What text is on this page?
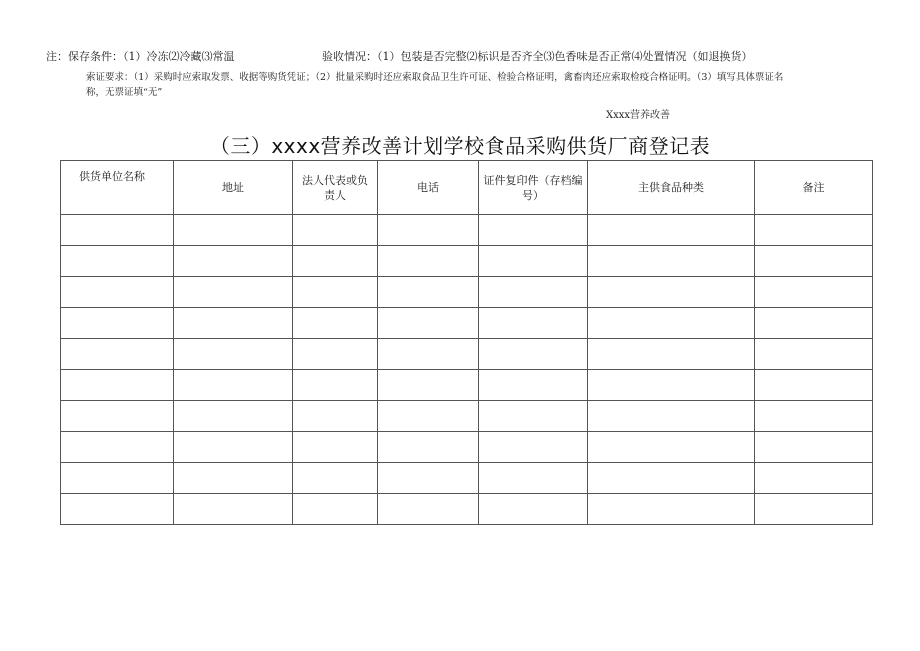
注：保存条件：（1）冷冻⑵冷藏⑶常温	验收情况：（1）包装是否完整⑵标识是否齐全⑶色香味是否正常⑷处置情况（如退换货）

索证要求：（1）采购时应索取发票、收据等购货凭证；（2）批量采购时还应索取食品卫生许可证、检验合格证明，禽畜肉还应索取检疫合格证明。（3）填写具体票证名

称，无票证填“无”

Xxxx营养改善
（三）xxxx营养改善计划学校食品采购供货厂商登记表
供货单位名称	地址	法人代表或负责人	电话	证件复印件（存档编号）	主供食品种类	备注
